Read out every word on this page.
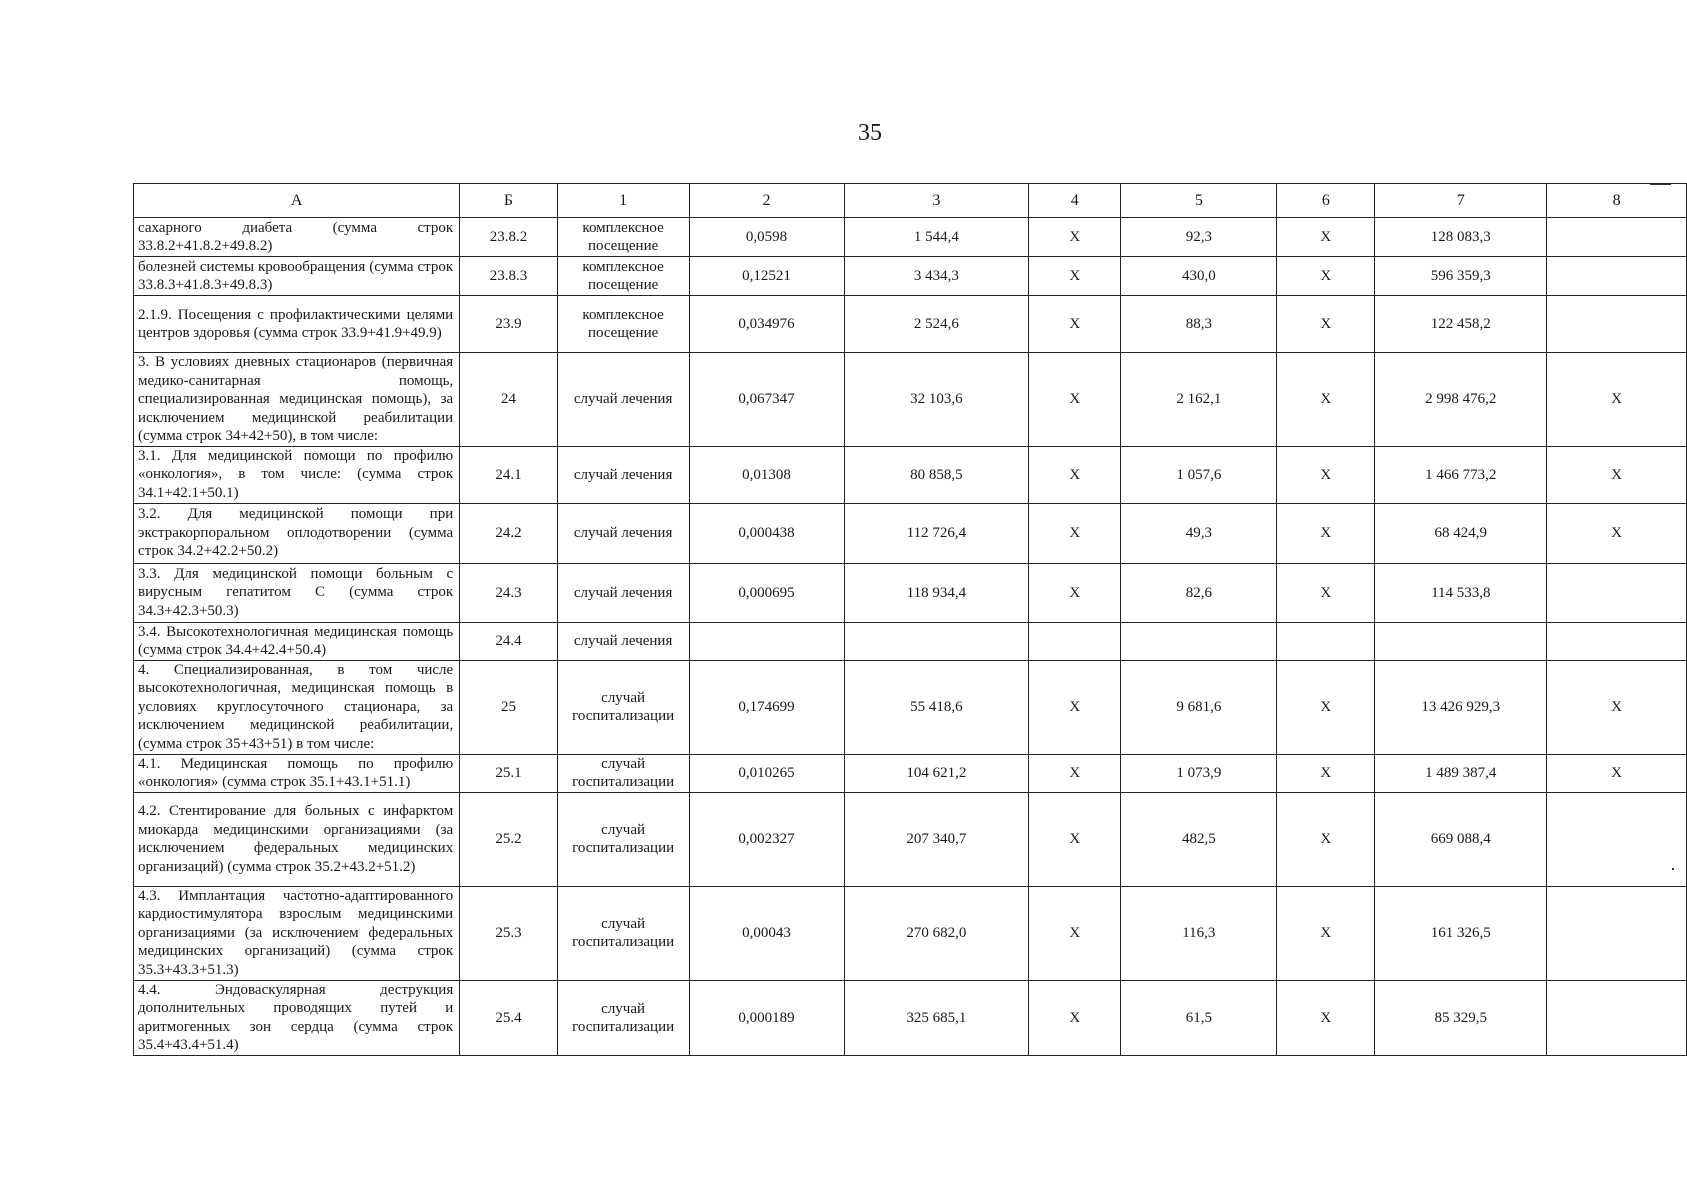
35
А	Б	1	2	3	4	5	6	7	8
сахарного диабета (сумма строк 33.8.2+41.8.2+49.8.2)	23.8.2	комплексное посещение	0,0598	1 544,4	X	92,3	X	128 083,3	
болезней системы кровообращения (сумма строк 33.8.3+41.8.3+49.8.3)	23.8.3	комплексное посещение	0,12521	3 434,3	X	430,0	X	596 359,3	
2.1.9. Посещения с профилактическими целями центров здоровья (сумма строк 33.9+41.9+49.9)	23.9	комплексное посещение	0,034976	2 524,6	X	88,3	X	122 458,2	
3. В условиях дневных стационаров (первичная медико-санитарная помощь, специализированная медицинская помощь), за исключением медицинской реабилитации (сумма строк 34+42+50), в том числе:	24	случай лечения	0,067347	32 103,6	X	2 162,1	X	2 998 476,2	X
3.1. Для медицинской помощи по профилю «онкология», в том числе: (сумма строк 34.1+42.1+50.1)	24.1	случай лечения	0,01308	80 858,5	X	1 057,6	X	1 466 773,2	X
3.2. Для медицинской помощи при экстракорпоральном оплодотворении (сумма строк 34.2+42.2+50.2)	24.2	случай лечения	0,000438	112 726,4	X	49,3	X	68 424,9	X
3.3. Для медицинской помощи больным с вирусным гепатитом С (сумма строк 34.3+42.3+50.3)	24.3	случай лечения	0,000695	118 934,4	X	82,6	X	114 533,8	
3.4. Высокотехнологичная медицинская помощь (сумма строк 34.4+42.4+50.4)	24.4	случай лечения							
4. Специализированная, в том числе высокотехнологичная, медицинская помощь в условиях круглосуточного стационара, за исключением медицинской реабилитации, (сумма строк 35+43+51) в том числе:	25	случай госпитализации	0,174699	55 418,6	X	9 681,6	X	13 426 929,3	X
4.1. Медицинская помощь по профилю «онкология» (сумма строк 35.1+43.1+51.1)	25.1	случай госпитализации	0,010265	104 621,2	X	1 073,9	X	1 489 387,4	X
4.2. Стентирование для больных с инфарктом миокарда медицинскими организациями (за исключением федеральных медицинских организаций) (сумма строк 35.2+43.2+51.2)	25.2	случай госпитализации	0,002327	207 340,7	X	482,5	X	669 088,4	
4.3. Имплантация частотно-адаптированного кардиостимулятора взрослым медицинскими организациями (за исключением федеральных медицинских организаций) (сумма строк 35.3+43.3+51.3)	25.3	случай госпитализации	0,00043	270 682,0	X	116,3	X	161 326,5	
4.4. Эндоваскулярная деструкция дополнительных проводящих путей и аритмогенных зон сердца (сумма строк 35.4+43.4+51.4)	25.4	случай госпитализации	0,000189	325 685,1	X	61,5	X	85 329,5	
